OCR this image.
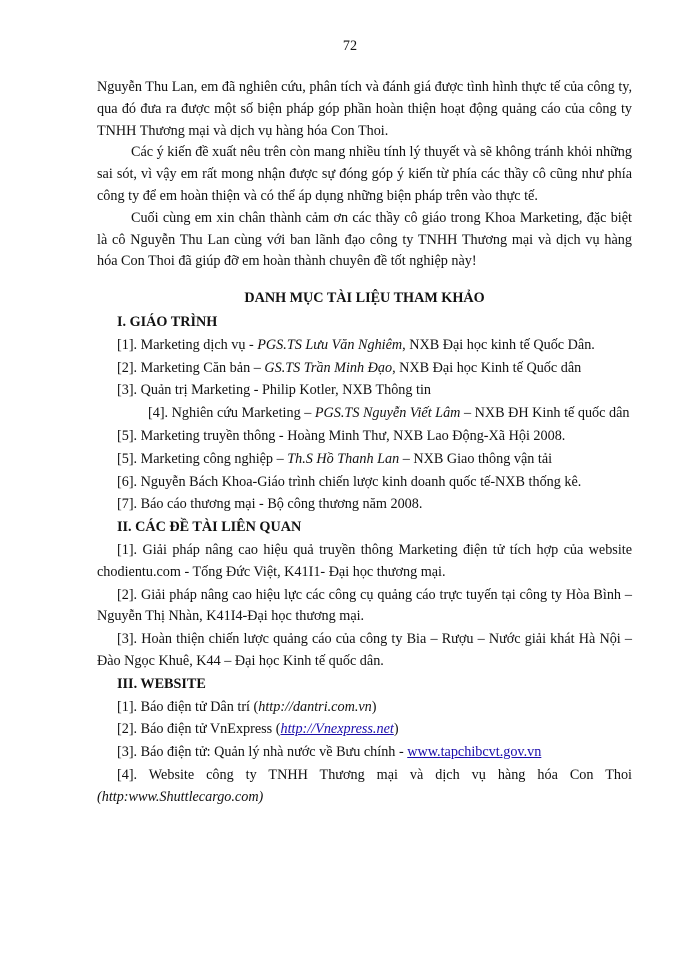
72

Nguyễn Thu Lan, em đã nghiên cứu, phân tích và đánh giá được tình hình thực tế của công ty, qua đó đưa ra được một số biện pháp góp phần hoàn thiện hoạt động quảng cáo của công ty TNHH Thương mại và dịch vụ hàng hóa Con Thoi.

Các ý kiến đề xuất nêu trên còn mang nhiều tính lý thuyết và sẽ không tránh khỏi những sai sót, vì vậy em rất mong nhận được sự đóng góp ý kiến từ phía các thầy cô cũng như phía công ty để em hoàn thiện và có thể áp dụng những biện pháp trên vào thực tế.

Cuối cùng em xin chân thành cảm ơn các thầy cô giáo trong Khoa Marketing, đặc biệt là cô Nguyễn Thu Lan cùng với ban lãnh đạo công ty TNHH Thương mại và dịch vụ hàng hóa Con Thoi đã giúp đỡ em hoàn thành chuyên đề tốt nghiệp này!

DANH MỤC TÀI LIỆU THAM KHẢO

I. GIÁO TRÌNH

[1]. Marketing dịch vụ - PGS.TS Lưu Văn Nghiêm, NXB Đại học kinh tế Quốc Dân.

[2]. Marketing Căn bản – GS.TS Trần Minh Đạo, NXB Đại học Kinh tế Quốc dân

[3]. Quản trị Marketing - Philip Kotler, NXB Thông tin

[4]. Nghiên cứu Marketing – PGS.TS Nguyễn Viết Lâm – NXB ĐH Kinh tế quốc dân

[5]. Marketing truyền thông - Hoàng Minh Thư, NXB Lao Động-Xã Hội 2008.

[5]. Marketing công nghiệp – Th.S Hồ Thanh Lan – NXB Giao thông vận tải

[6]. Nguyễn Bách Khoa-Giáo trình chiến lược kinh doanh quốc tế-NXB thống kê.

[7]. Báo cáo thương mại - Bộ công thương năm 2008.

II. CÁC ĐỀ TÀI LIÊN QUAN

[1]. Giải pháp nâng cao hiệu quả truyền thông Marketing điện tử tích hợp của website chodientu.com - Tống Đức Việt, K41I1- Đại học thương mại.

[2]. Giải pháp nâng cao hiệu lực các công cụ quảng cáo trực tuyến tại công ty Hòa Bình – Nguyễn Thị Nhàn, K41I4-Đại học thương mại.

[3]. Hoàn thiện chiến lược quảng cáo của công ty Bia – Rượu – Nước giải khát Hà Nội – Đào Ngọc Khuê, K44 – Đại học Kinh tế quốc dân.

III. WEBSITE

[1]. Báo điện tử Dân trí (http://dantri.com.vn)

[2]. Báo điện tử VnExpress (http://Vnexpress.net)

[3]. Báo điện tử: Quản lý nhà nước về Bưu chính - www.tapchibcvt.gov.vn

[4]. Website công ty TNHH Thương mại và dịch vụ hàng hóa Con Thoi (http:www.Shuttlecargo.com)
